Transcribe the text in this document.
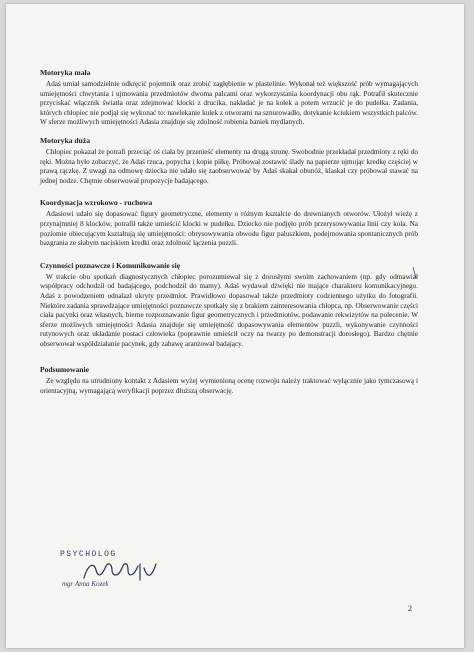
Motoryka mała

Adaś umiał samodzielnie odkręcić pojemnik oraz zrobić zagłębienie w plastelinie. Wykonał też większość prób wymagających umiejętności chwytania i ujmowania przedmiotów dwoma palcami oraz wykorzystania koordynacji obu rąk. Potrafił skutecznie przyciskać włącznik światła oraz zdejmować klocki z drucika, nakładać je na kołek a potem wrzucić je do pudełka. Zadania, których chłopiec nie podjął się wykonać to: nawlekanie kulek z otworami na sznurowadło, dotykanie kciukiem wszystkich palców. W sferze możliwych umiejętności Adasia znajduje się zdolność robienia baniek mydlanych.

Motoryka duża

Chłopiec pokazał że potrafi przeciąć oś ciała by przenieść elementy na drugą stronę. Swobodnie przekładał przedmioty z ręki do ręki. Można było zobaczyć, że Adaś rzuca, popycha i kopie piłkę. Próbował zostawić ślady na papierze ujmując kredkę częściej w prawą rączkę. Z uwagi na odmowę dziecka nie udało się zaobserwować by Adaś skakał obunóż, klaskał czy próbował stawać na jednej nodze. Chętnie obserwował propozycje badającego.

Koordynacja wzrokowo - ruchowa

Adasiowi udało się dopasować figury geometryczne, elementy o różnym kształcie do drewnianych otworów. Ułożył wieżę z przynajmniej 8 klocków, potrafił także umieścić klocki w pudełku. Dziecko nie podjęło prób przerysowywania linii czy koła. Na poziomie obiecującym kształtują się umiejętności: obrysowywania obwodu figur paluszkiem, podejmowania spontanicznych prób bazgrania ze słabym naciskiem kredki oraz zdolność łączenia puzzli.

Czynności poznawcze i Komunikowanie się

W trakcie obu spotkań diagnostycznych chłopiec porozumiewał się z dorosłymi swoim zachowaniem (np. gdy odmawiał współpracy odchodził od badającego, podchodził do mamy). Adaś wydawał dźwięki nie mające charakteru komunikacyjnego. Adaś z powodzeniem odnalazł ukryty przedmiot. Prawidłowo dopasował także przedmioty codziennego użytku do fotografii. Niektóre zadania sprawdzające umiejętności poznawcze spotkały się z brakiem zainteresowania chłopca, np. Obserwowanie części ciała pacynki oraz własnych, bierne rozpoznawanie figur geometrycznych i przedmiotów, podawanie rekwizytów na polecenie. W sferze możliwych umiejętności Adasia znajduje się umiejętność dopasowywania elementów puzzli, wykonywanie czynności rutynowych oraz układanie postaci człowieka (poprawnie umieścił oczy na twarzy po demonstracji dorosłego). Bardzo chętnie obserwował współdziałanie pacynek, gdy zabawę aranżował badający.

Podsumowanie

Ze względu na utrudniony kontakt z Adasiem wyżej wymienioną ocenę rozwoju należy traktować wyłącznie jako tymczasową i orientacyjną, wymagającą weryfikacji poprzez dłuższą obserwację.

PSYCHOLOG
mgr Anna Kozek
2
